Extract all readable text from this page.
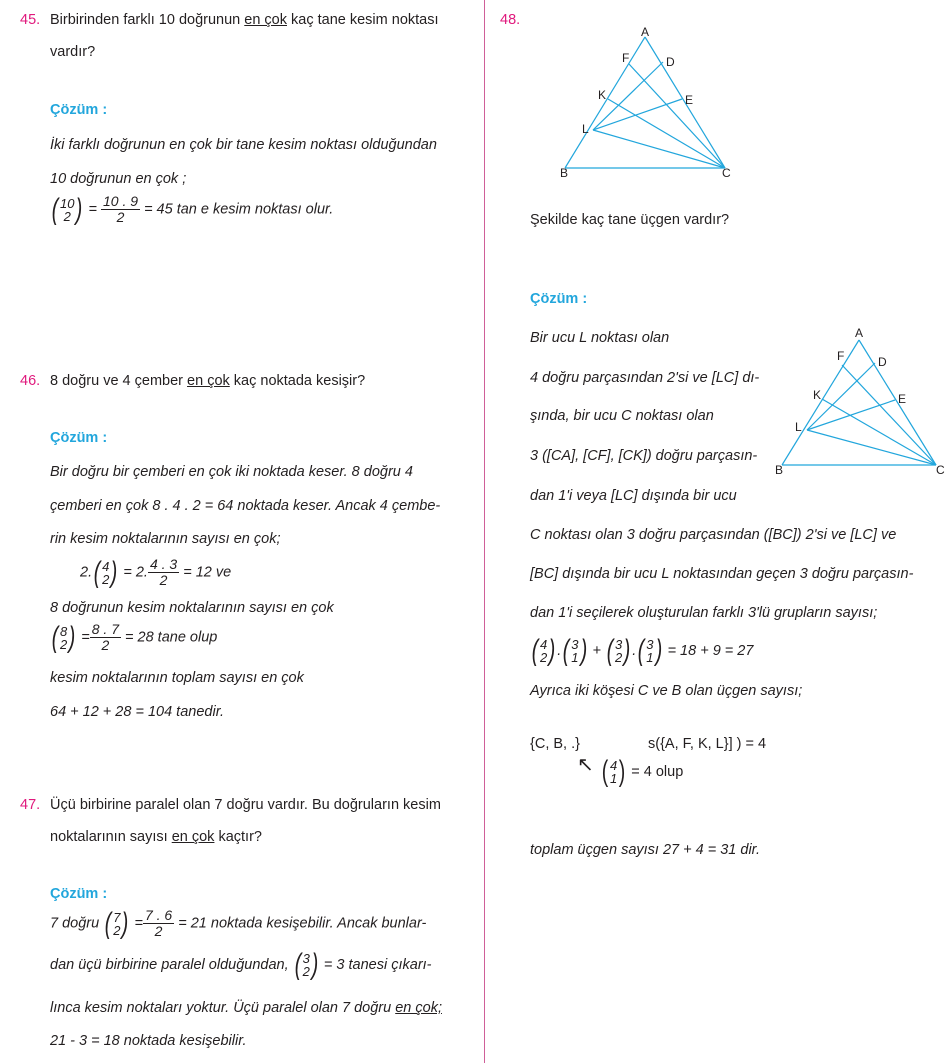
45. Birbirinden farklı 10 doğrunun en çok kaç tane kesim noktası
vardır?
Çözüm :
İki farklı doğrunun en çok bir tane kesim noktası olduğundan
10 doğrunun en çok ;
( 10
2 ) = $\frac{10 . 9}{2} = 45$ tan e kesim noktası olur.
46. 8 doğru ve 4 çember en çok kaç noktada kesişir?
Çözüm :
Bir doğru bir çemberi en çok iki noktada keser. 8 doğru 4
çemberi en çok 8 . 4 . 2 = 64 noktada keser. Ancak 4 çembe-
rin kesim noktalarının sayısı en çok;
2.( 4
2 ) = 2. $\frac{4 . 3}{2} = 12$ ve
8 doğrunun kesim noktalarının sayısı en çok
( 8
2 ) = $\frac{8 . 7}{2} = 28$ tane olup
kesim noktalarının toplam sayısı en çok
64 + 12 + 28 = 104 tanedir.
47. Üçü birbirine paralel olan 7 doğru vardır. Bu doğruların kesim
noktalarının sayısı en çok kaçtır?
Çözüm :
7 doğru ( 7
2 ) = $\frac{7 . 6}{2} = 21$ noktada kesişebilir. Ancak bunlar-
dan üçü birbirine paralel olduğundan, ( 3
2 ) = 3 tanesi çıkarı-
lınca kesim noktaları yoktur. Üçü paralel olan 7 doğru en çok;
21 - 3 = 18 noktada kesişebilir.
48.
A
F	D
K	E
L
B	C
Şekilde kaç tane üçgen vardır?
Çözüm :
Bir ucu L noktası olan
4 doğru parçasından 2'si ve [LC] dı-
şında, bir ucu C noktası olan
3 ([CA], [CF], [CK]) doğru parçasın-
dan 1'i veya [LC] dışında bir ucu
A
F	D
K	E
L
B	C
C noktası olan 3 doğru parçasından ([BC]) 2'si ve [LC] ve
[BC] dışında bir ucu L noktasından geçen 3 doğru parçasın-
dan 1'i seçilerek oluşturulan farklı 3'lü grupların sayısı;
( 4
2 ) .( 3
1 ) + ( 3
2 ) .( 3
1 ) = 18 + 9 = 27
Ayrıca iki köşesi C ve B olan üçgen sayısı;
{C, B, .}	s({A, F, K, L}] ) = 4
↖ ( 4
1 ) = 4 olup
toplam üçgen sayısı 27 + 4 = 31 dir.
